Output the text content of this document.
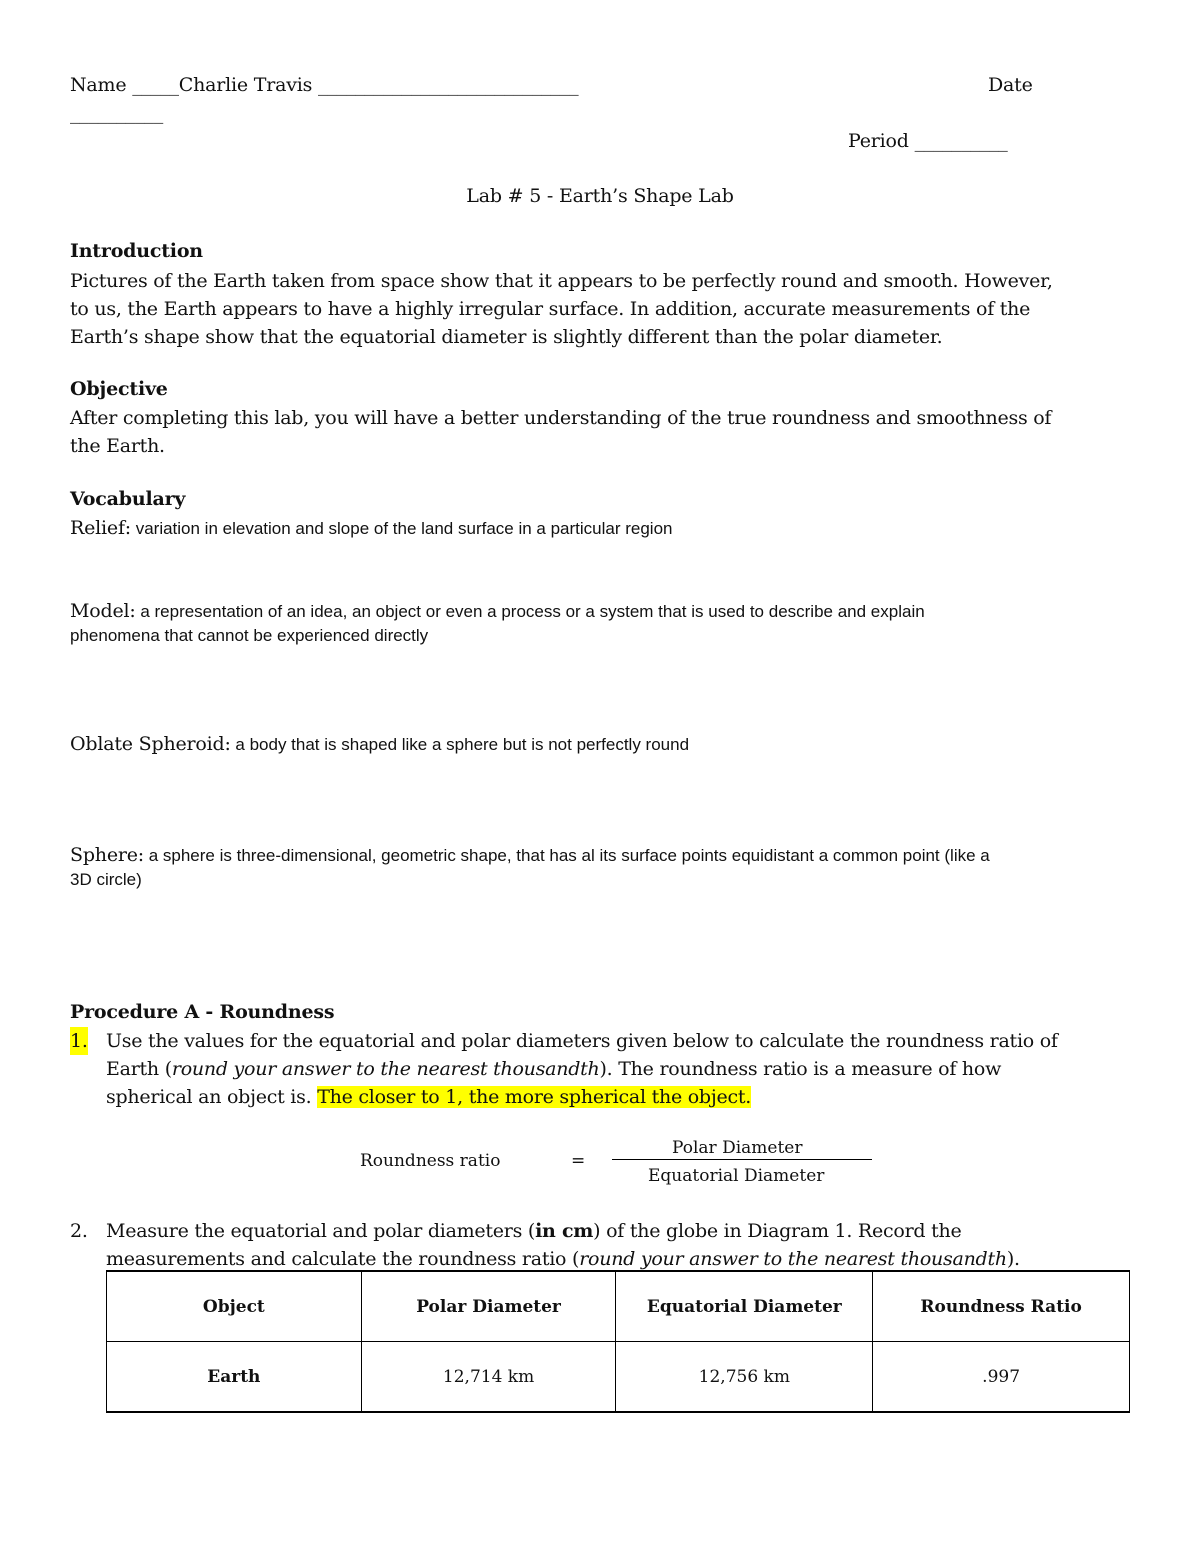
Name _____Charlie Travis ____________________________	Date
__________
Period __________
Lab # 5 - Earth’s Shape Lab
Introduction
Pictures of the Earth taken from space show that it appears to be perfectly round and smooth. However,
to us, the Earth appears to have a highly irregular surface. In addition, accurate measurements of the
Earth’s shape show that the equatorial diameter is slightly different than the polar diameter.
Objective
After completing this lab, you will have a better understanding of the true roundness and smoothness of
the Earth.
Vocabulary
Relief: variation in elevation and slope of the land surface in a particular region
Model: a representation of an idea, an object or even a process or a system that is used to describe and explain
phenomena that cannot be experienced directly
Oblate Spheroid: a body that is shaped like a sphere but is not perfectly round
Sphere: a sphere is three-dimensional, geometric shape, that has al its surface points equidistant a common point (like a
3D circle)
Procedure A - Roundness
1. Use the values for the equatorial and polar diameters given below to calculate the roundness ratio of
Earth (round your answer to the nearest thousandth). The roundness ratio is a measure of how
spherical an object is. The closer to 1, the more spherical the object.
Roundness ratio	=
Polar Diameter
Equatorial Diameter
2. Measure the equatorial and polar diameters (in cm) of the globe in Diagram 1. Record the
measurements and calculate the roundness ratio (round your answer to the nearest thousandth).
Object	Polar Diameter	Equatorial Diameter	Roundness Ratio
Earth	12,714 km	12,756 km	.997
